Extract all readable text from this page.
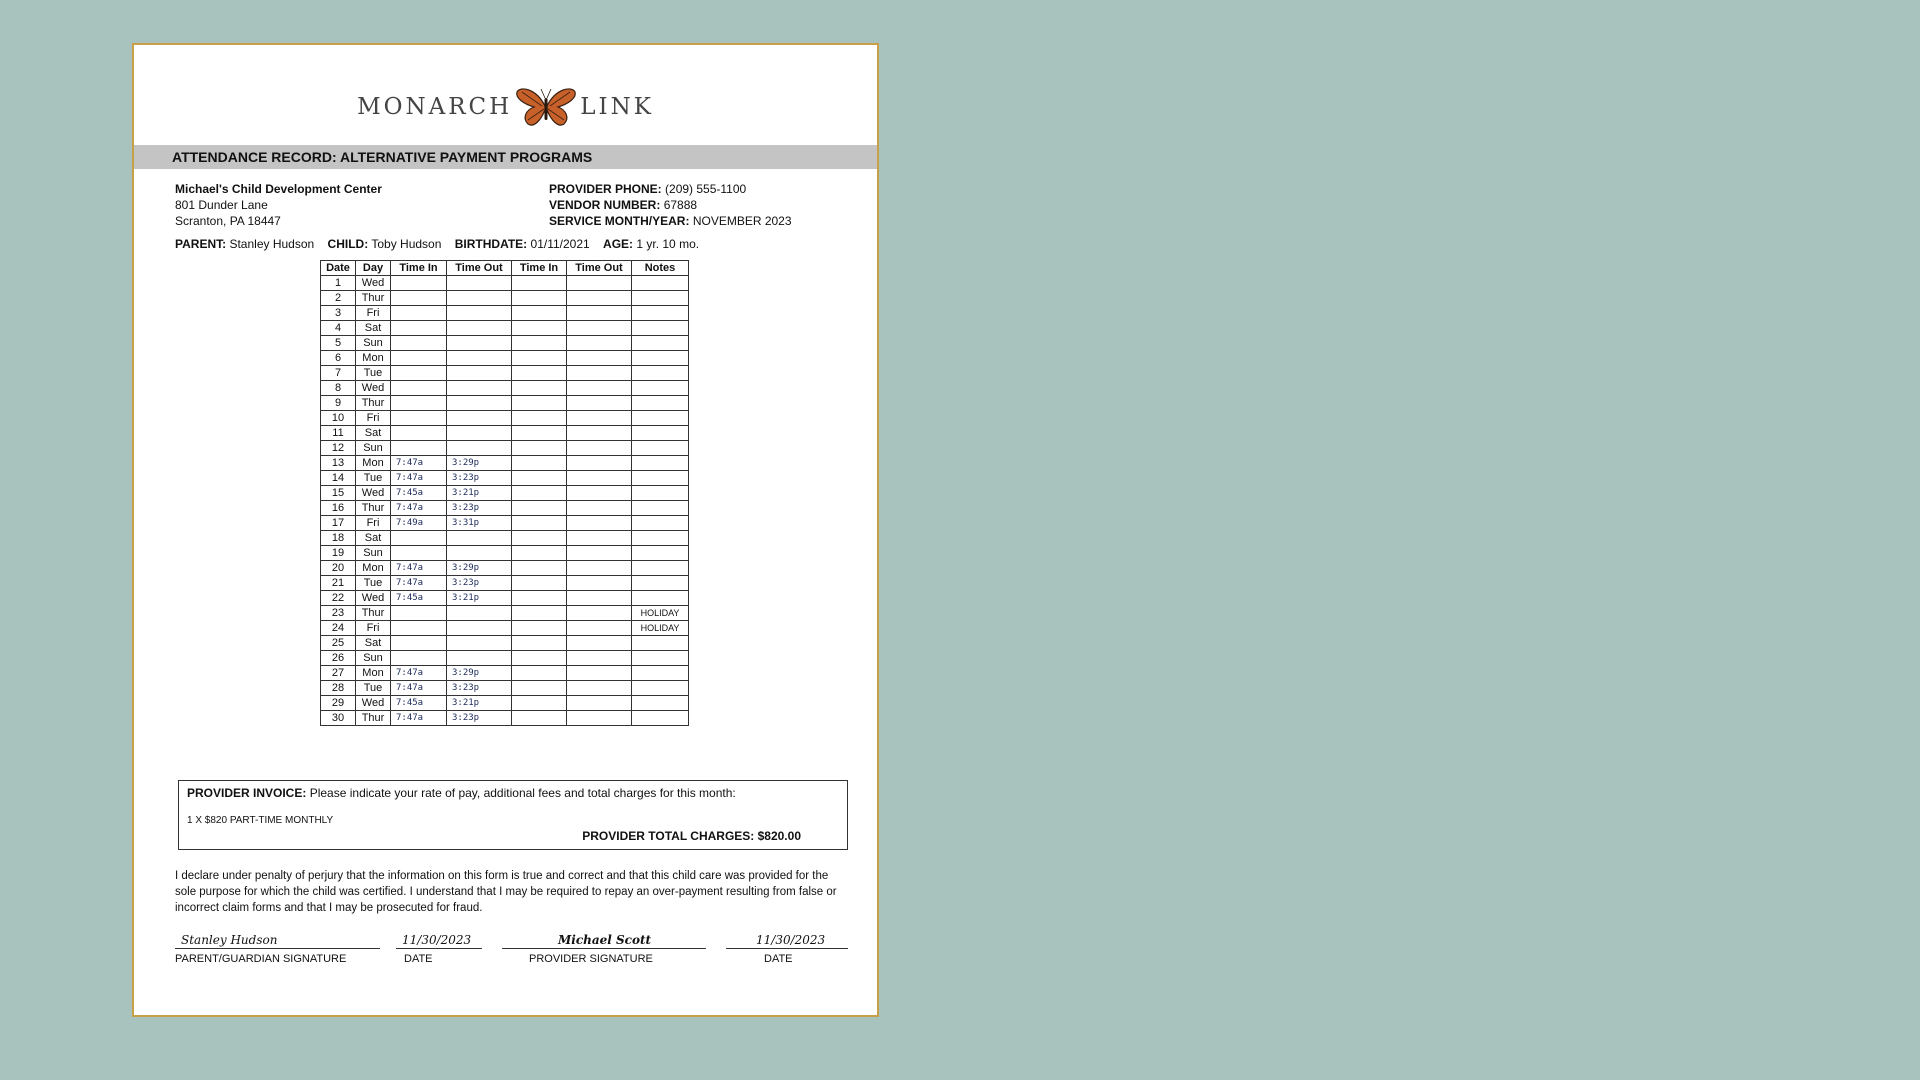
MONARCH	LINK
ATTENDANCE RECORD: ALTERNATIVE PAYMENT PROGRAMS
Michael's Child Development Center
801 Dunder Lane
Scranton, PA 18447
PROVIDER PHONE: (209) 555-1100
VENDOR NUMBER: 67888
SERVICE MONTH/YEAR: NOVEMBER 2023
PARENT: Stanley Hudson CHILD: Toby Hudson BIRTHDATE: 01/11/2021 AGE: 1 yr. 10 mo.
Date	Day	Time In	Time Out	Time In	Time Out	Notes
1	Wed					
2	Thur					
3	Fri					
4	Sat					
5	Sun					
6	Mon					
7	Tue					
8	Wed					
9	Thur					
10	Fri					
11	Sat					
12	Sun					
13	Mon	7:47a	3:29p			
14	Tue	7:47a	3:23p			
15	Wed	7:45a	3:21p			
16	Thur	7:47a	3:23p			
17	Fri	7:49a	3:31p			
18	Sat					
19	Sun					
20	Mon	7:47a	3:29p			
21	Tue	7:47a	3:23p			
22	Wed	7:45a	3:21p			
23	Thur					HOLIDAY
24	Fri					HOLIDAY
25	Sat					
26	Sun					
27	Mon	7:47a	3:29p			
28	Tue	7:47a	3:23p			
29	Wed	7:45a	3:21p			
30	Thur	7:47a	3:23p			
PROVIDER INVOICE: Please indicate your rate of pay, additional fees and total charges for this month:
1 X $820 PART-TIME MONTHLY
PROVIDER TOTAL CHARGES: $820.00
I declare under penalty of perjury that the information on this form is true and correct and that this child care was provided for the sole purpose for which the child was certified. I understand that I may be required to repay an over-payment resulting from false or incorrect claim forms and that I may be prosecuted for fraud.
Stanley Hudson
PARENT/GUARDIAN SIGNATURE
11/30/2023
DATE
Michael Scott
PROVIDER SIGNATURE
11/30/2023
DATE
